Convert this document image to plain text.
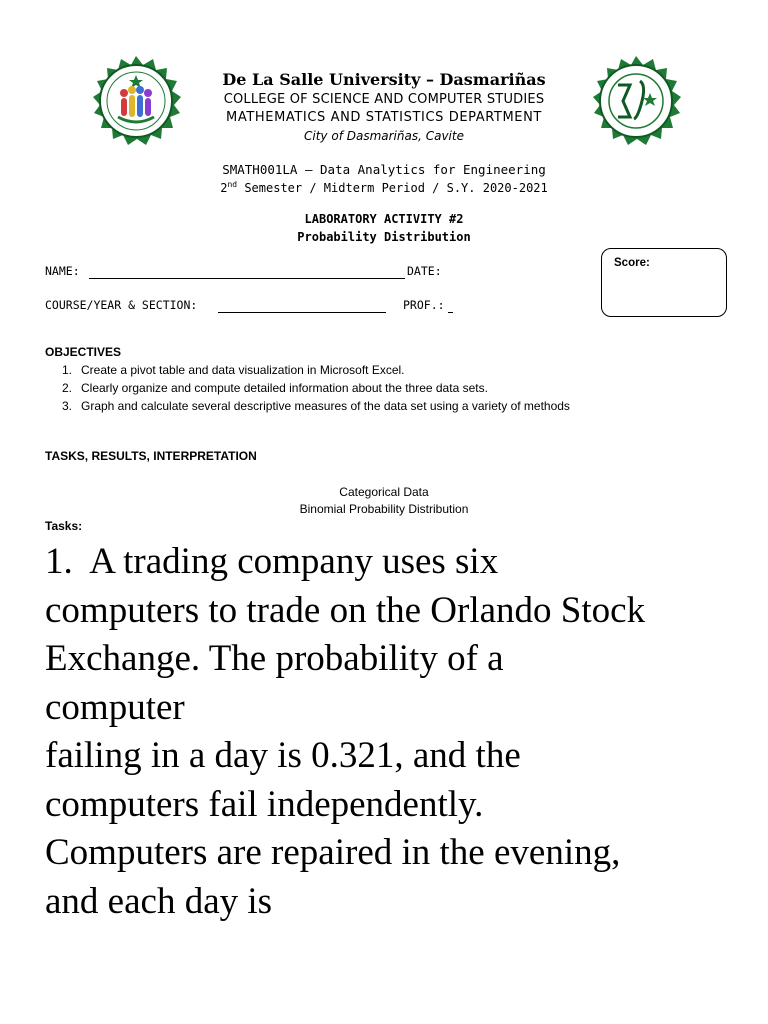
De La Salle University – Dasmariñas
COLLEGE OF SCIENCE AND COMPUTER STUDIES
MATHEMATICS AND STATISTICS DEPARTMENT
City of Dasmariñas, Cavite
SMATH001LA – Data Analytics for Engineering
2nd Semester / Midterm Period / S.Y. 2020-2021
LABORATORY ACTIVITY #2
Probability Distribution
NAME:	DATE:
COURSE/YEAR & SECTION:	PROF.:
Score:
OBJECTIVES
1. Create a pivot table and data visualization in Microsoft Excel.
2. Clearly organize and compute detailed information about the three data sets.
3. Graph and calculate several descriptive measures of the data set using a variety of methods
TASKS, RESULTS, INTERPRETATION
Categorical Data
Binomial Probability Distribution
Tasks:
1.  A trading company uses six
computers to trade on the Orlando Stock
Exchange. The probability of a
computer
failing in a day is 0.321, and the
computers fail independently.
Computers are repaired in the evening,
and each day is
